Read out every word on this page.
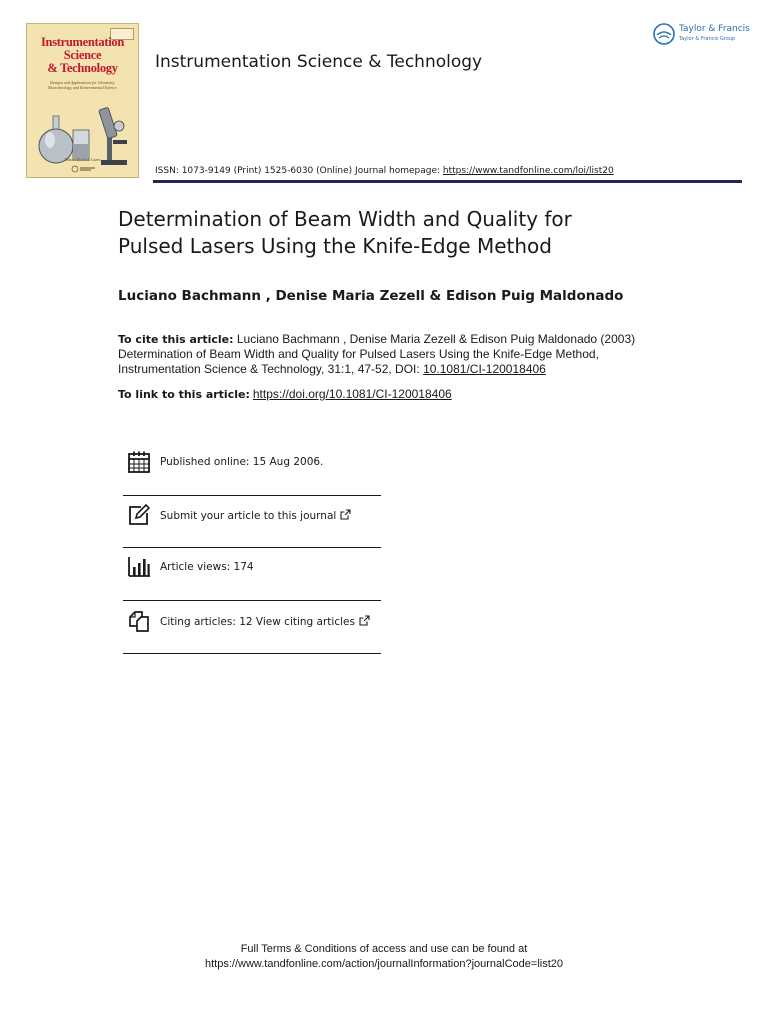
Instrumentation
Science
& Technology
Designs and Applications for Chemistry,
Biotechnology, and Environmental Science
Editor: Dr. Jack Cazes
Instrumentation Science & Technology
Taylor & Francis
Taylor & Francis Group
ISSN: 1073-9149 (Print) 1525-6030 (Online) Journal homepage: https://www.tandfonline.com/loi/list20
Determination of Beam Width and Quality for
Pulsed Lasers Using the Knife-Edge Method
Luciano Bachmann , Denise Maria Zezell & Edison Puig Maldonado
To cite this article: Luciano Bachmann , Denise Maria Zezell & Edison Puig Maldonado (2003) Determination of Beam Width and Quality for Pulsed Lasers Using the Knife-Edge Method, Instrumentation Science & Technology, 31:1, 47-52, DOI: 10.1081/CI-120018406
To link to this article: https://doi.org/10.1081/CI-120018406
Published online: 15 Aug 2006.
Submit your article to this journal
Article views: 174
Citing articles: 12 View citing articles
Full Terms & Conditions of access and use can be found at
https://www.tandfonline.com/action/journalInformation?journalCode=list20
